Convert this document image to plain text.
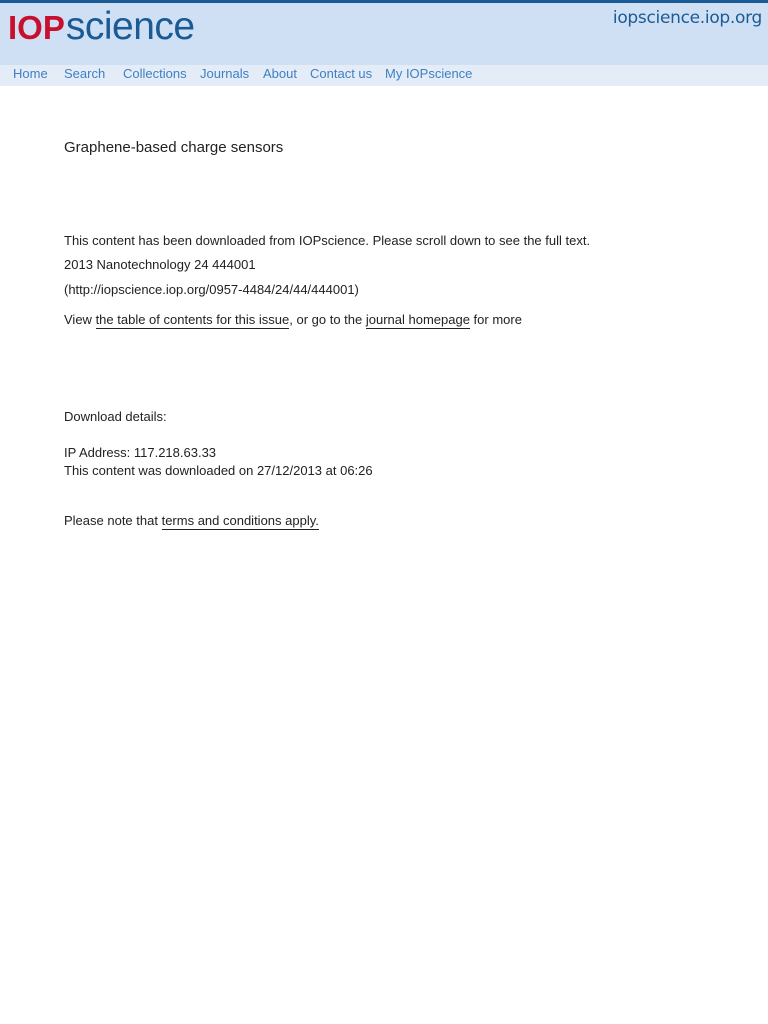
IOP science	iopscience.iop.org
Home Search Collections Journals About Contact us My IOPscience
Graphene-based charge sensors
This content has been downloaded from IOPscience. Please scroll down to see the full text.
2013 Nanotechnology 24 444001
(http://iopscience.iop.org/0957-4484/24/44/444001)
View the table of contents for this issue, or go to the journal homepage for more
Download details:
IP Address: 117.218.63.33
This content was downloaded on 27/12/2013 at 06:26
Please note that terms and conditions apply.
